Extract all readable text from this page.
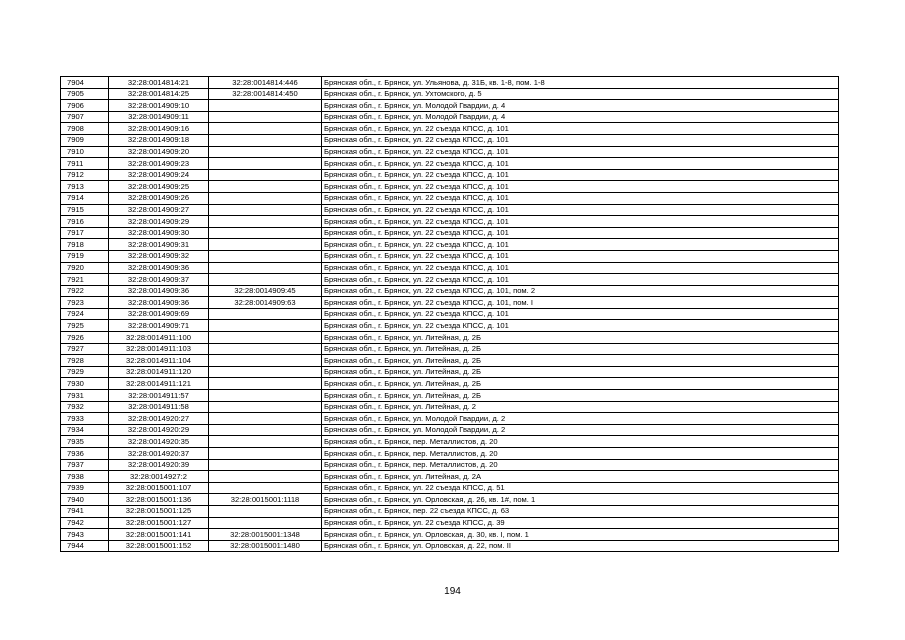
7904	32:28:0014814:21	32:28:0014814:446	Брянская обл., г. Брянск, ул. Ульянова, д. 31Б, кв. 1-8, пом. 1-8
7905	32:28:0014814:25	32:28:0014814:450	Брянская обл., г. Брянск, ул. Ухтомского, д. 5
7906	32:28:0014909:10		Брянская обл., г. Брянск, ул. Молодой Гвардии, д. 4
7907	32:28:0014909:11		Брянская обл., г. Брянск, ул. Молодой Гвардии, д. 4
7908	32:28:0014909:16		Брянская обл., г. Брянск, ул. 22 съезда КПСС, д. 101
7909	32:28:0014909:18		Брянская обл., г. Брянск, ул. 22 съезда КПСС, д. 101
7910	32:28:0014909:20		Брянская обл., г. Брянск, ул. 22 съезда КПСС, д. 101
7911	32:28:0014909:23		Брянская обл., г. Брянск, ул. 22 съезда КПСС, д. 101
7912	32:28:0014909:24		Брянская обл., г. Брянск, ул. 22 съезда КПСС, д. 101
7913	32:28:0014909:25		Брянская обл., г. Брянск, ул. 22 съезда КПСС, д. 101
7914	32:28:0014909:26		Брянская обл., г. Брянск, ул. 22 съезда КПСС, д. 101
7915	32:28:0014909:27		Брянская обл., г. Брянск, ул. 22 съезда КПСС, д. 101
7916	32:28:0014909:29		Брянская обл., г. Брянск, ул. 22 съезда КПСС, д. 101
7917	32:28:0014909:30		Брянская обл., г. Брянск, ул. 22 съезда КПСС, д. 101
7918	32:28:0014909:31		Брянская обл., г. Брянск, ул. 22 съезда КПСС, д. 101
7919	32:28:0014909:32		Брянская обл., г. Брянск, ул. 22 съезда КПСС, д. 101
7920	32:28:0014909:36		Брянская обл., г. Брянск, ул. 22 съезда КПСС, д. 101
7921	32:28:0014909:37		Брянская обл., г. Брянск, ул. 22 съезда КПСС, д. 101
7922	32:28:0014909:36	32:28:0014909:45	Брянская обл., г. Брянск, ул. 22 съезда КПСС, д. 101, пом. 2
7923	32:28:0014909:36	32:28:0014909:63	Брянская обл., г. Брянск, ул. 22 съезда КПСС, д. 101, пом. I
7924	32:28:0014909:69		Брянская обл., г. Брянск, ул. 22 съезда КПСС, д. 101
7925	32:28:0014909:71		Брянская обл., г. Брянск, ул. 22 съезда КПСС, д. 101
7926	32:28:0014911:100		Брянская обл., г. Брянск, ул. Литейная, д. 2Б
7927	32:28:0014911:103		Брянская обл., г. Брянск, ул. Литейная, д. 2Б
7928	32:28:0014911:104		Брянская обл., г. Брянск, ул. Литейная, д. 2Б
7929	32:28:0014911:120		Брянская обл., г. Брянск, ул. Литейная, д. 2Б
7930	32:28:0014911:121		Брянская обл., г. Брянск, ул. Литейная, д. 2Б
7931	32:28:0014911:57		Брянская обл., г. Брянск, ул. Литейная, д. 2Б
7932	32:28:0014911:58		Брянская обл., г. Брянск, ул. Литейная, д. 2
7933	32:28:0014920:27		Брянская обл., г. Брянск, ул. Молодой Гвардии, д. 2
7934	32:28:0014920:29		Брянская обл., г. Брянск, ул. Молодой Гвардии, д. 2
7935	32:28:0014920:35		Брянская обл., г. Брянск, пер. Металлистов, д. 20
7936	32:28:0014920:37		Брянская обл., г. Брянск, пер. Металлистов, д. 20
7937	32:28:0014920:39		Брянская обл., г. Брянск, пер. Металлистов, д. 20
7938	32:28:0014927:2		Брянская обл., г. Брянск, ул. Литейная, д. 2А
7939	32:28:0015001:107		Брянская обл., г. Брянск, ул. 22 съезда КПСС, д. 51
7940	32:28:0015001:136	32:28:0015001:1118	Брянская обл., г. Брянск, ул. Орловская, д. 26, кв. 1#, пом. 1
7941	32:28:0015001:125		Брянская обл., г. Брянск, пер. 22 съезда КПСС, д. 63
7942	32:28:0015001:127		Брянская обл., г. Брянск, ул. 22 съезда КПСС, д. 39
7943	32:28:0015001:141	32:28:0015001:1348	Брянская обл., г. Брянск, ул. Орловская, д. 30, кв. I, пом. 1
7944	32:28:0015001:152	32:28:0015001:1480	Брянская обл., г. Брянск, ул. Орловская, д. 22, пом. II
194
